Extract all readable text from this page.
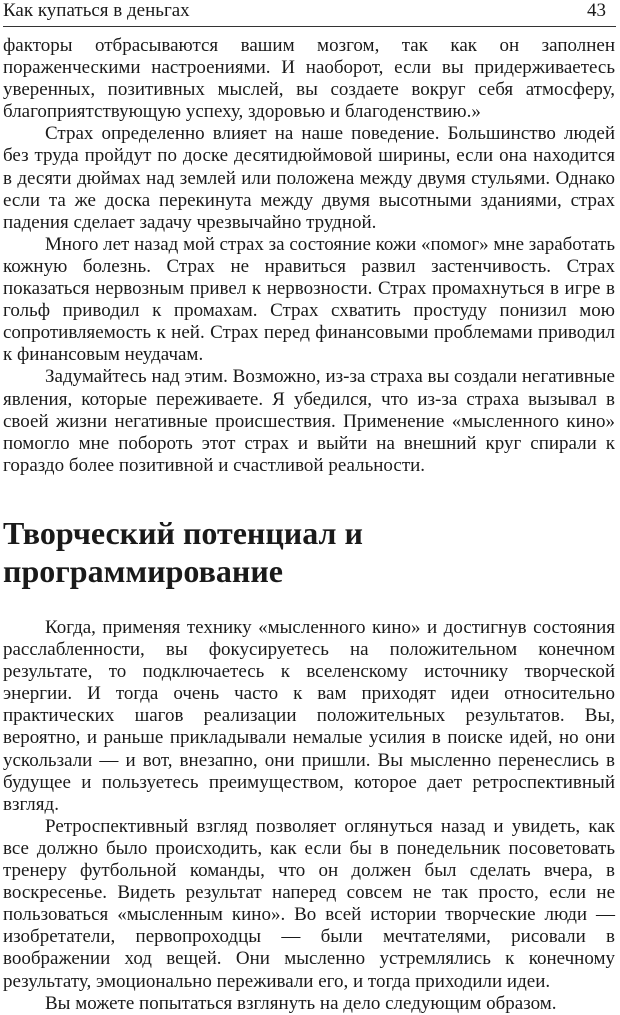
Как купаться в деньгах	43

факторы отбрасываются вашим мозгом, так как он заполнен пораженческими настроениями. И наоборот, если вы придерживаетесь уверенных, позитивных мыслей, вы создаете вокруг себя атмосферу, благоприятствующую успеху, здоровью и благоденствию.»

Страх определенно влияет на наше поведение. Большинство людей без труда пройдут по доске десятидюймовой ширины, если она находится в десяти дюймах над землей или положена между двумя стульями. Однако если та же доска перекинута между двумя высотными зданиями, страх падения сделает задачу чрезвычайно трудной.

Много лет назад мой страх за состояние кожи «помог» мне заработать кожную болезнь. Страх не нравиться развил застенчивость. Страх показаться нервозным привел к нервозности. Страх промахнуться в игре в гольф приводил к промахам. Страх схватить простуду понизил мою сопротивляемость к ней. Страх перед финансовыми проблемами приводил к финансовым неудачам.

Задумайтесь над этим. Возможно, из-за страха вы создали негативные явления, которые переживаете. Я убедился, что из-за страха вызывал в своей жизни негативные происшествия. Применение «мысленного кино» помогло мне побороть этот страх и выйти на внешний круг спирали к гораздо более позитивной и счастливой реальности.

Творческий потенциал и
программирование

Когда, применяя технику «мысленного кино» и достигнув состояния расслабленности, вы фокусируетесь на положительном конечном результате, то подключаетесь к вселенскому источнику творческой энергии. И тогда очень часто к вам приходят идеи относительно практических шагов реализации положительных результатов. Вы, вероятно, и раньше прикладывали немалые усилия в поиске идей, но они ускользали — и вот, внезапно, они пришли. Вы мысленно перенеслись в будущее и пользуетесь преимуществом, которое дает ретроспективный взгляд.

Ретроспективный взгляд позволяет оглянуться назад и увидеть, как все должно было происходить, как если бы в понедельник посоветовать тренеру футбольной команды, что он должен был сделать вчера, в воскресенье. Видеть результат наперед совсем не так просто, если не пользоваться «мысленным кино». Во всей истории творческие люди — изобретатели, первопроходцы — были мечтателями, рисовали в воображении ход вещей. Они мысленно устремлялись к конечному результату, эмоционально переживали его, и тогда приходили идеи.

Вы можете попытаться взглянуть на дело следующим образом.
